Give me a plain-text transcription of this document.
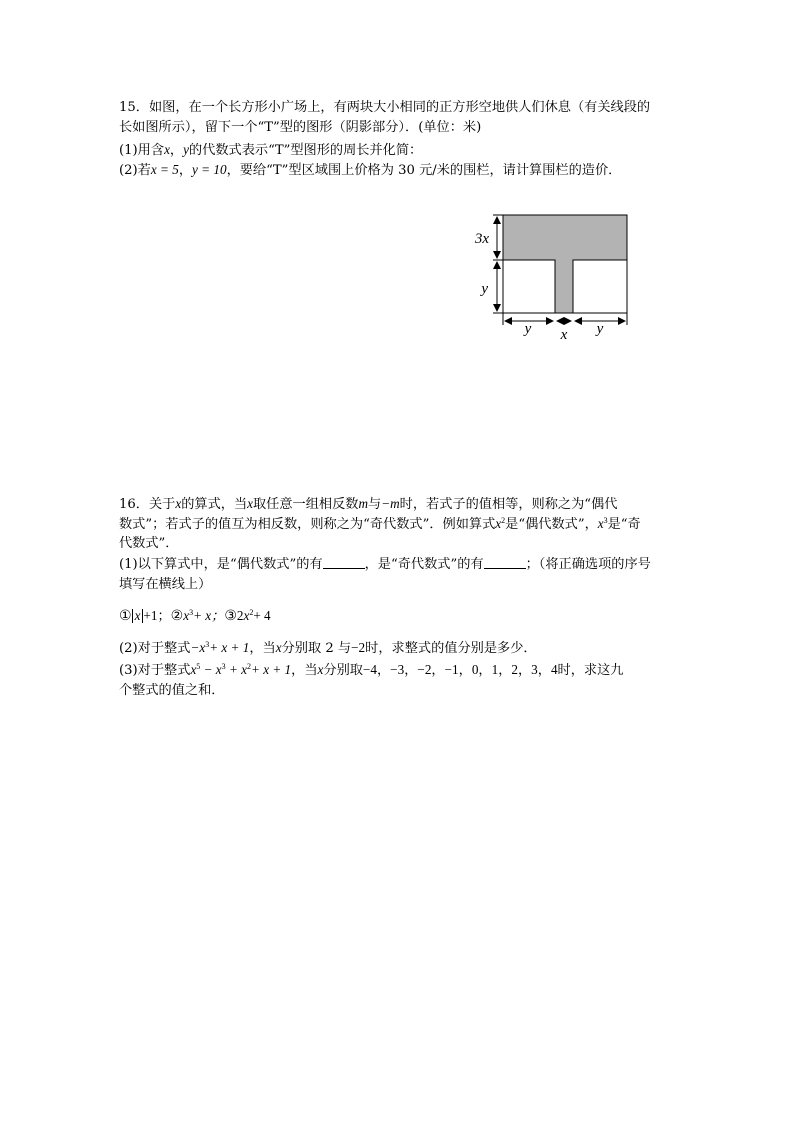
15．如图，在一个长方形小广场上，有两块大小相同的正方形空地供人们休息（有关线段的
长如图所示），留下一个“T”型的图形（阴影部分）．(单位：米)
(1)用含x，y的代数式表示“T”型图形的周长并化简：
(2)若x = 5，y = 10，要给“T”型区域围上价格为 30 元/米的围栏，请计算围栏的造价．
3x
y
y x y
16．关于x的算式，当x取任意一组相反数m与−m时，若式子的值相等，则称之为“偶代
数式”；若式子的值互为相反数，则称之为“奇代数式”．例如算式$x^2$是“偶代数式”，$x^3$是“奇
代数式”．
(1)以下算式中，是“偶代数式”的有	，是“奇代数式”的有	；（将正确选项的序号
填写在横线上）
① x +1；$②x^3+ x$；$③2x^2+ 4$
(2)对于整式$-x^3+ x + 1$，当x分别取 2 与−2时，求整式的值分别是多少．
(3)对于整式$x^5 - x^3 + x^2+ x + 1$，当x分别取−4，−3，−2，−1，0，1，2，3，4时，求这九
个整式的值之和．
